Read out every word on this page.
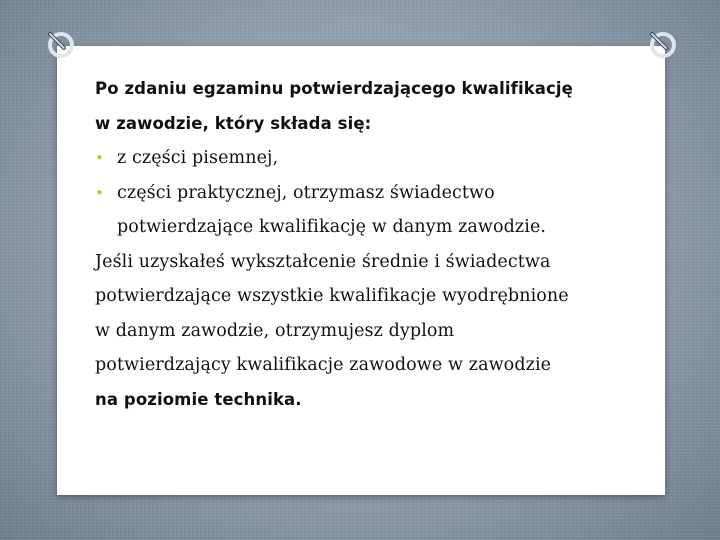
Po zdaniu egzaminu potwierdzającego kwalifikację
w zawodzie, który składa się:
• z części pisemnej,
• części praktycznej, otrzymasz świadectwo
potwierdzające kwalifikację w danym zawodzie.
Jeśli uzyskałeś wykształcenie średnie i świadectwa
potwierdzające wszystkie kwalifikacje wyodrębnione
w danym zawodzie, otrzymujesz dyplom
potwierdzający kwalifikacje zawodowe w zawodzie
na poziomie technika.
